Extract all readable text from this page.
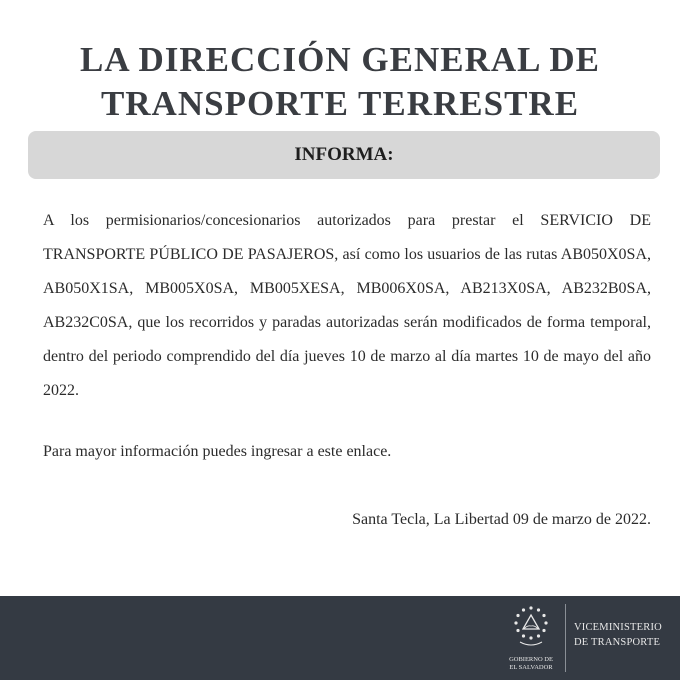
LA DIRECCIÓN GENERAL DE
TRANSPORTE TERRESTRE
INFORMA:

A los permisionarios/concesionarios autorizados para prestar el SERVICIO DE TRANSPORTE PÚBLICO DE PASAJEROS, así como los usuarios de las rutas AB050X0SA, AB050X1SA, MB005X0SA, MB005XESA, MB006X0SA, AB213X0SA, AB232B0SA, AB232C0SA, que los recorridos y paradas autorizadas serán modificados de forma temporal, dentro del periodo comprendido del día jueves 10 de marzo al día martes 10 de mayo del año 2022.

Para mayor información puedes ingresar a este enlace.

Santa Tecla, La Libertad 09 de marzo de 2022.

GOBIERNO DE
EL SALVADOR
VICEMINISTERIO
DE TRANSPORTE
